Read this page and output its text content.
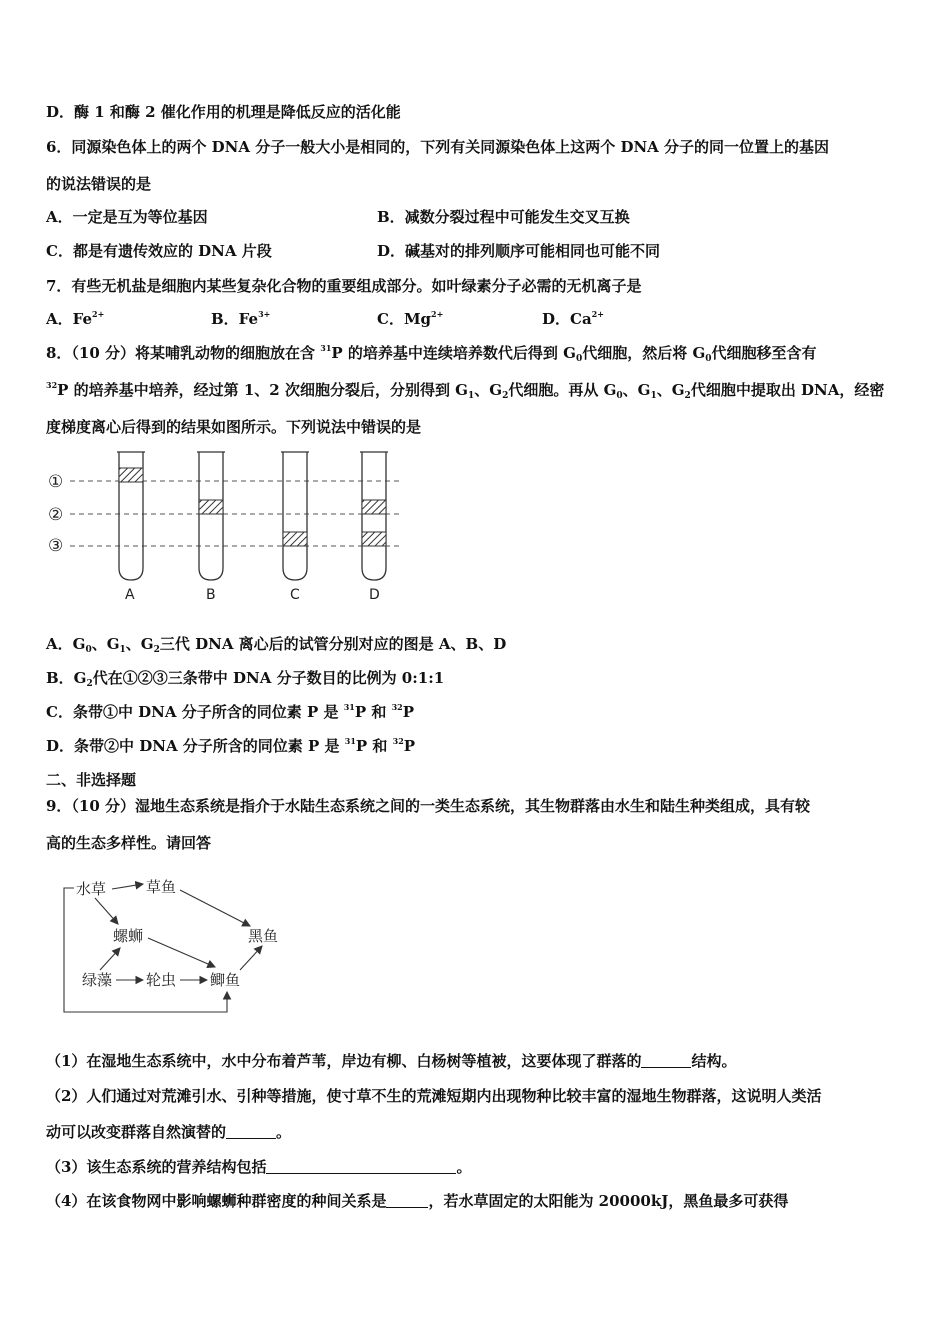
D．酶 1 和酶 2 催化作用的机理是降低反应的活化能
6．同源染色体上的两个 DNA 分子一般大小是相同的，下列有关同源染色体上这两个 DNA 分子的同一位置上的基因
的说法错误的是
A．一定是互为等位基因	B．减数分裂过程中可能发生交叉互换
C．都是有遗传效应的 DNA 片段	D．碱基对的排列顺序可能相同也可能不同
7．有些无机盐是细胞内某些复杂化合物的重要组成部分。如叶绿素分子必需的无机离子是
A．$Fe^{2+}$	B．$Fe^{3+}$	C．$Mg^{2+}$	D．$Ca^{2+}$
8．（10 分）将某哺乳动物的细胞放在含 $^{31}$P 的培养基中连续培养数代后得到 $G_0$代细胞，然后将 $G_0$代细胞移至含有
$^{32}$P 的培养基中培养，经过第 1、2 次细胞分裂后，分别得到 $G_1$、$G_2$代细胞。再从 $G_0$、$G_1$、$G_2$代细胞中提取出 DNA，经密
度梯度离心后得到的结果如图所示。下列说法中错误的是
①
②
③
A	B	C	D
A．$G_0$、$G_1$、$G_2$三代 DNA 离心后的试管分别对应的图是 A、B、D
B．$G_2$代在①②③三条带中 DNA 分子数目的比例为 0:1:1
C．条带①中 DNA 分子所含的同位素 P 是 $^{31}$P 和 $^{32}$P
D．条带②中 DNA 分子所含的同位素 P 是 $^{31}$P 和 $^{32}$P
二、非选择题
9．（10 分）湿地生态系统是指介于水陆生态系统之间的一类生态系统，其生物群落由水生和陆生种类组成，具有较
高的生态多样性。请回答
水草	草鱼
螺蛳	黑鱼
绿藻 轮虫 鲫鱼
（1）在湿地生态系统中，水中分布着芦苇，岸边有柳、白杨树等植被，这要体现了群落的	结构。
（2）人们通过对荒滩引水、引种等措施，使寸草不生的荒滩短期内出现物种比较丰富的湿地生物群落，这说明人类活
动可以改变群落自然演替的	。
（3）该生态系统的营养结构包括	。
（4）在该食物网中影响螺蛳种群密度的种间关系是	，若水草固定的太阳能为 20000kJ，黑鱼最多可获得
